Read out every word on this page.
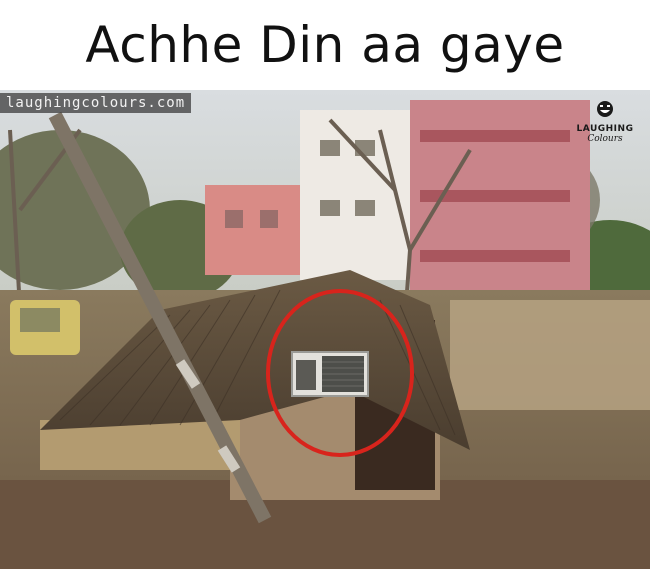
Achhe Din aa gaye
laughingcolours.com
LAUGHING
Colours
